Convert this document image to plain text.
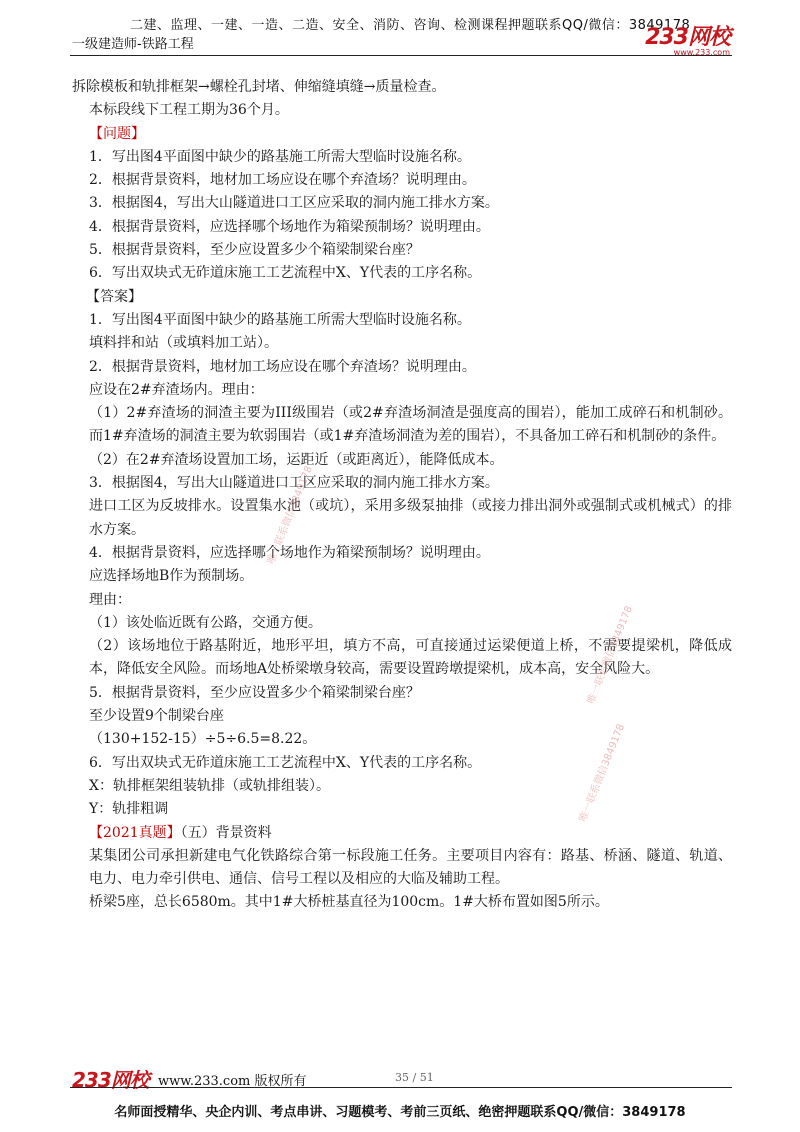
二建、监理、一建、一造、二造、安全、消防、咨询、检测课程押题联系QQ/微信：3849178
一级建造师-铁路工程	233网校
www.233.com

拆除模板和轨排框架→螺栓孔封堵、伸缩缝填缝→质量检查。

本标段线下工程工期为36个月。

【问题】

1．写出图4平面图中缺少的路基施工所需大型临时设施名称。

2．根据背景资料，地材加工场应设在哪个弃渣场？说明理由。

3．根据图4，写出大山隧道进口工区应采取的洞内施工排水方案。

4．根据背景资料，应选择哪个场地作为箱梁预制场？说明理由。

5．根据背景资料，至少应设置多少个箱梁制梁台座？

6．写出双块式无砟道床施工工艺流程中X、Y代表的工序名称。

【答案】

1．写出图4平面图中缺少的路基施工所需大型临时设施名称。

填料拌和站（或填料加工站）。

2．根据背景资料，地材加工场应设在哪个弃渣场？说明理由。

应设在2#弃渣场内。理由：

（1）2#弃渣场的洞渣主要为III级围岩（或2#弃渣场洞渣是强度高的围岩），能加工成碎石和机制砂。而1#弃渣场的洞渣主要为软弱围岩（或1#弃渣场洞渣为差的围岩），不具备加工碎石和机制砂的条件。

（2）在2#弃渣场设置加工场，运距近（或距离近），能降低成本。

3．根据图4，写出大山隧道进口工区应采取的洞内施工排水方案。

进口工区为反坡排水。设置集水池（或坑），采用多级泵抽排（或接力排出洞外或强制式或机械式）的排水方案。

4．根据背景资料，应选择哪个场地作为箱梁预制场？说明理由。

应选择场地B作为预制场。

理由：

（1）该处临近既有公路，交通方便。

（2）该场地位于路基附近，地形平坦，填方不高，可直接通过运梁便道上桥，不需要提梁机，降低成本，降低安全风险。而场地A处桥梁墩身较高，需要设置跨墩提梁机，成本高，安全风险大。

5．根据背景资料，至少应设置多少个箱梁制梁台座？

至少设置9个制梁台座

（130+152-15）÷5÷6.5=8.22。

6．写出双块式无砟道床施工工艺流程中X、Y代表的工序名称。

X：轨排框架组装轨排（或轨排组装）。

Y：轨排粗调

【2021真题】（五）背景资料

某集团公司承担新建电气化铁路综合第一标段施工任务。主要项目内容有：路基、桥涵、隧道、轨道、电力、电力牵引供电、通信、信号工程以及相应的大临及辅助工程。

桥梁5座，总长6580m。其中1#大桥桩基直径为100cm。1#大桥布置如图5所示。

唯一联系微信3849178
唯一联系微信3849178
唯一联系微信3849178
233网校 www.233.com 版权所有	35 / 51
名师面授精华、央企内训、考点串讲、习题模考、考前三页纸、绝密押题联系QQ/微信：3849178
